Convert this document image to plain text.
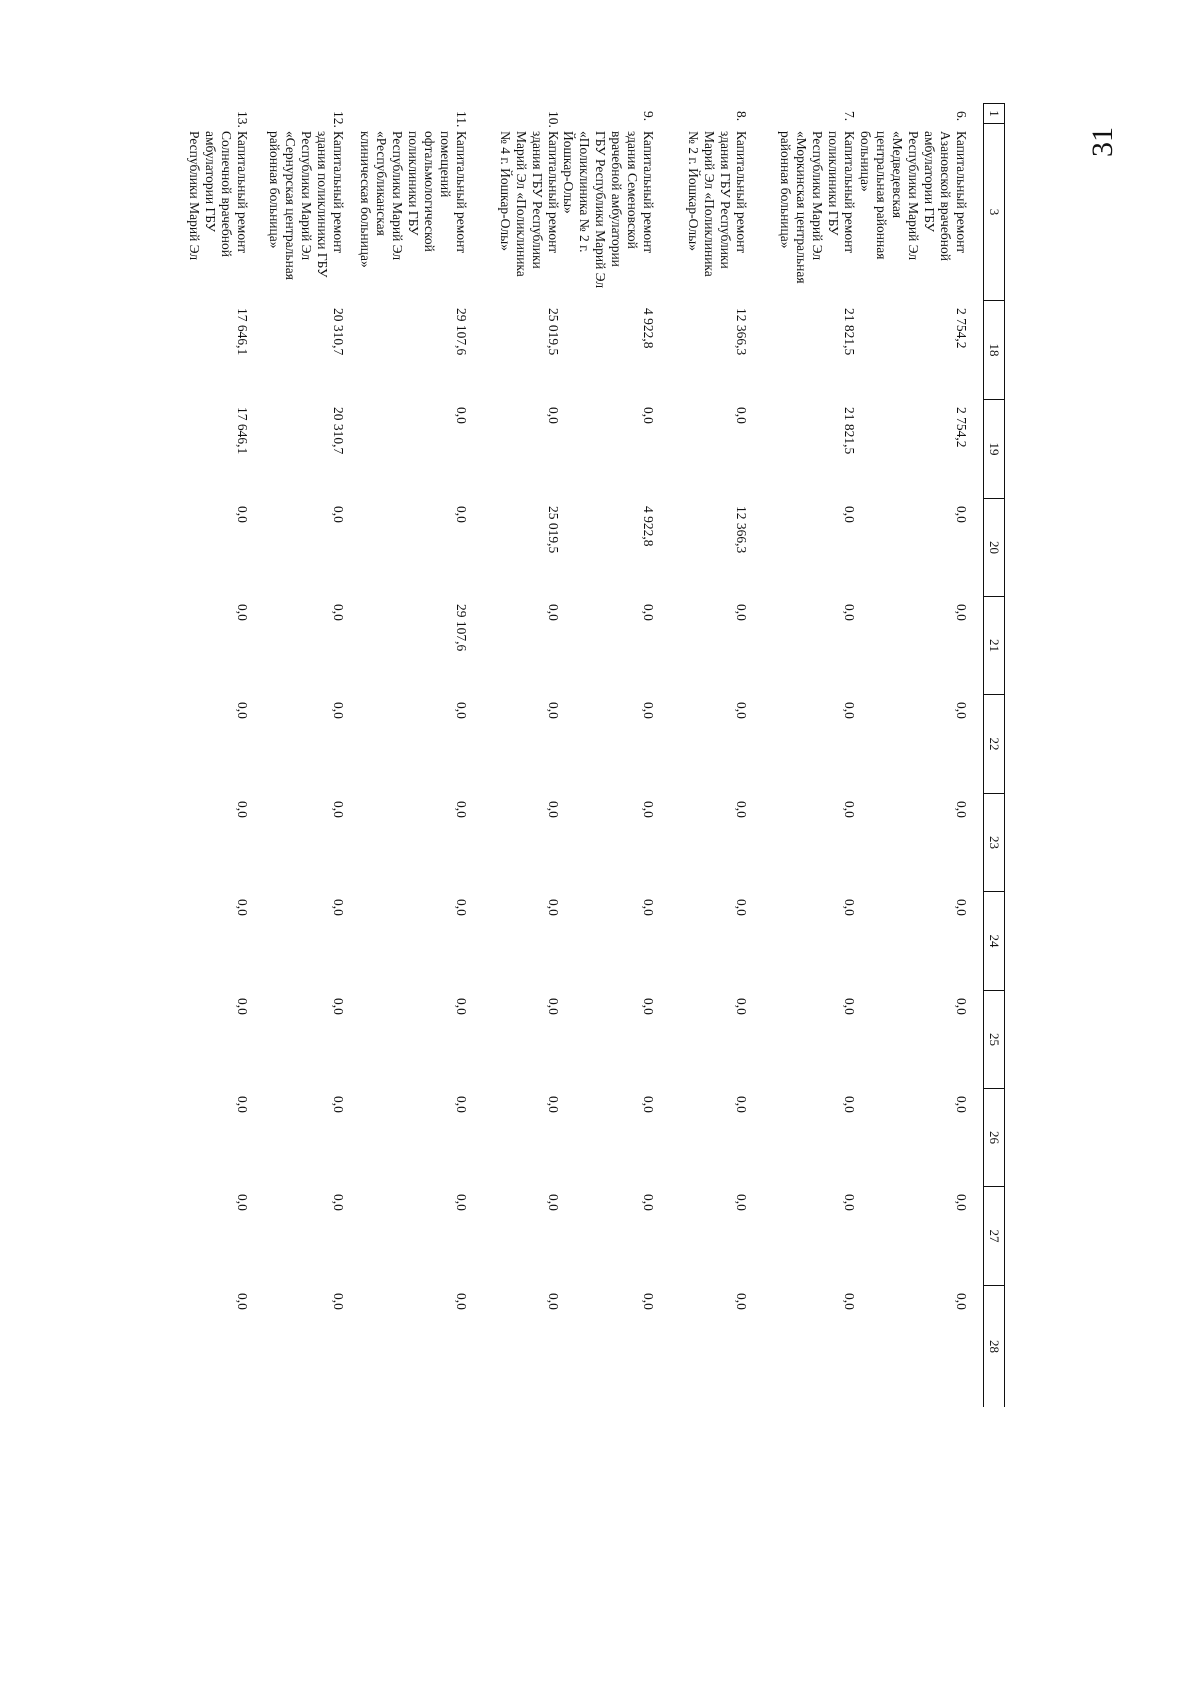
31
1
3
18
19
20
21
22
23
24
25
26
27
28
6.
Капитальный ремонт Азановской врачебной амбулатории ГБУ Республики Марий Эл «Медведевская центральная районная больница»
2 754,2
2 754,2
0,0
0,0
0,0
0,0
0,0
0,0
0,0
0,0
0,0
7.
Капитальный ремонт поликлиники ГБУ Республики Марий Эл «Моркинская центральная районная больница»
21 821,5
21 821,5
0,0
0,0
0,0
0,0
0,0
0,0
0,0
0,0
0,0
8.
Капитальный ремонт здания ГБУ Республики Марий Эл «Поликлиника № 2 г. Йошкар-Олы»
12 366,3
0,0
12 366,3
0,0
0,0
0,0
0,0
0,0
0,0
0,0
0,0
9.
Капитальный ремонт здания Семеновской врачебной амбулатории ГБУ Республики Марий Эл «Поликлиника № 2 г. Йошкар-Олы»
4 922,8
0,0
4 922,8
0,0
0,0
0,0
0,0
0,0
0,0
0,0
0,0
10.
Капитальный ремонт здания ГБУ Республики Марий Эл «Поликлиника № 4 г. Йошкар-Олы»
25 019,5
0,0
25 019,5
0,0
0,0
0,0
0,0
0,0
0,0
0,0
0,0
11.
Капитальный ремонт помещений офтальмологической поликлиники ГБУ Республики Марий Эл «Республиканская клиническая больница»
29 107,6
0,0
0,0
29 107,6
0,0
0,0
0,0
0,0
0,0
0,0
0,0
12.
Капитальный ремонт здания поликлиники ГБУ Республики Марий Эл «Сернурская центральная районная больница»
20 310,7
20 310,7
0,0
0,0
0,0
0,0
0,0
0,0
0,0
0,0
0,0
13.
Капитальный ремонт Солнечной врачебной амбулатории ГБУ Республики Марий Эл
17 646,1
17 646,1
0,0
0,0
0,0
0,0
0,0
0,0
0,0
0,0
0,0
